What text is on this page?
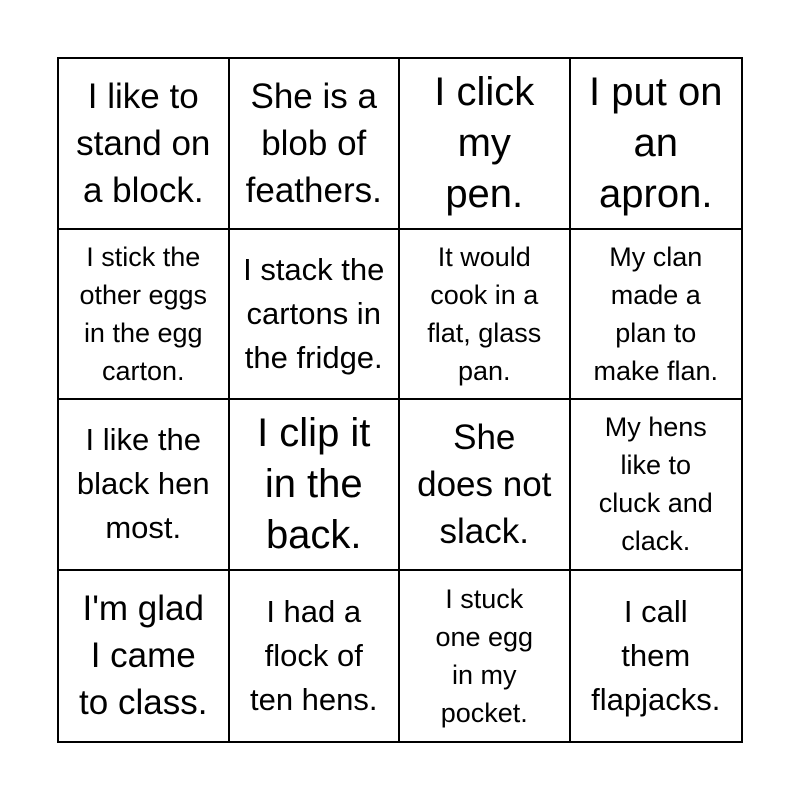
I like to
stand on
a block.
She is a
blob of
feathers.
I click
my
pen.
I put on
an
apron.
I stick the
other eggs
in the egg
carton.
I stack the
cartons in
the fridge.
It would
cook in a
flat, glass
pan.
My clan
made a
plan to
make flan.
I like the
black hen
most.
I clip it
in the
back.
She
does not
slack.
My hens
like to
cluck and
clack.
I'm glad
I came
to class.
I had a
flock of
ten hens.
I stuck
one egg
in my
pocket.
I call
them
flapjacks.
